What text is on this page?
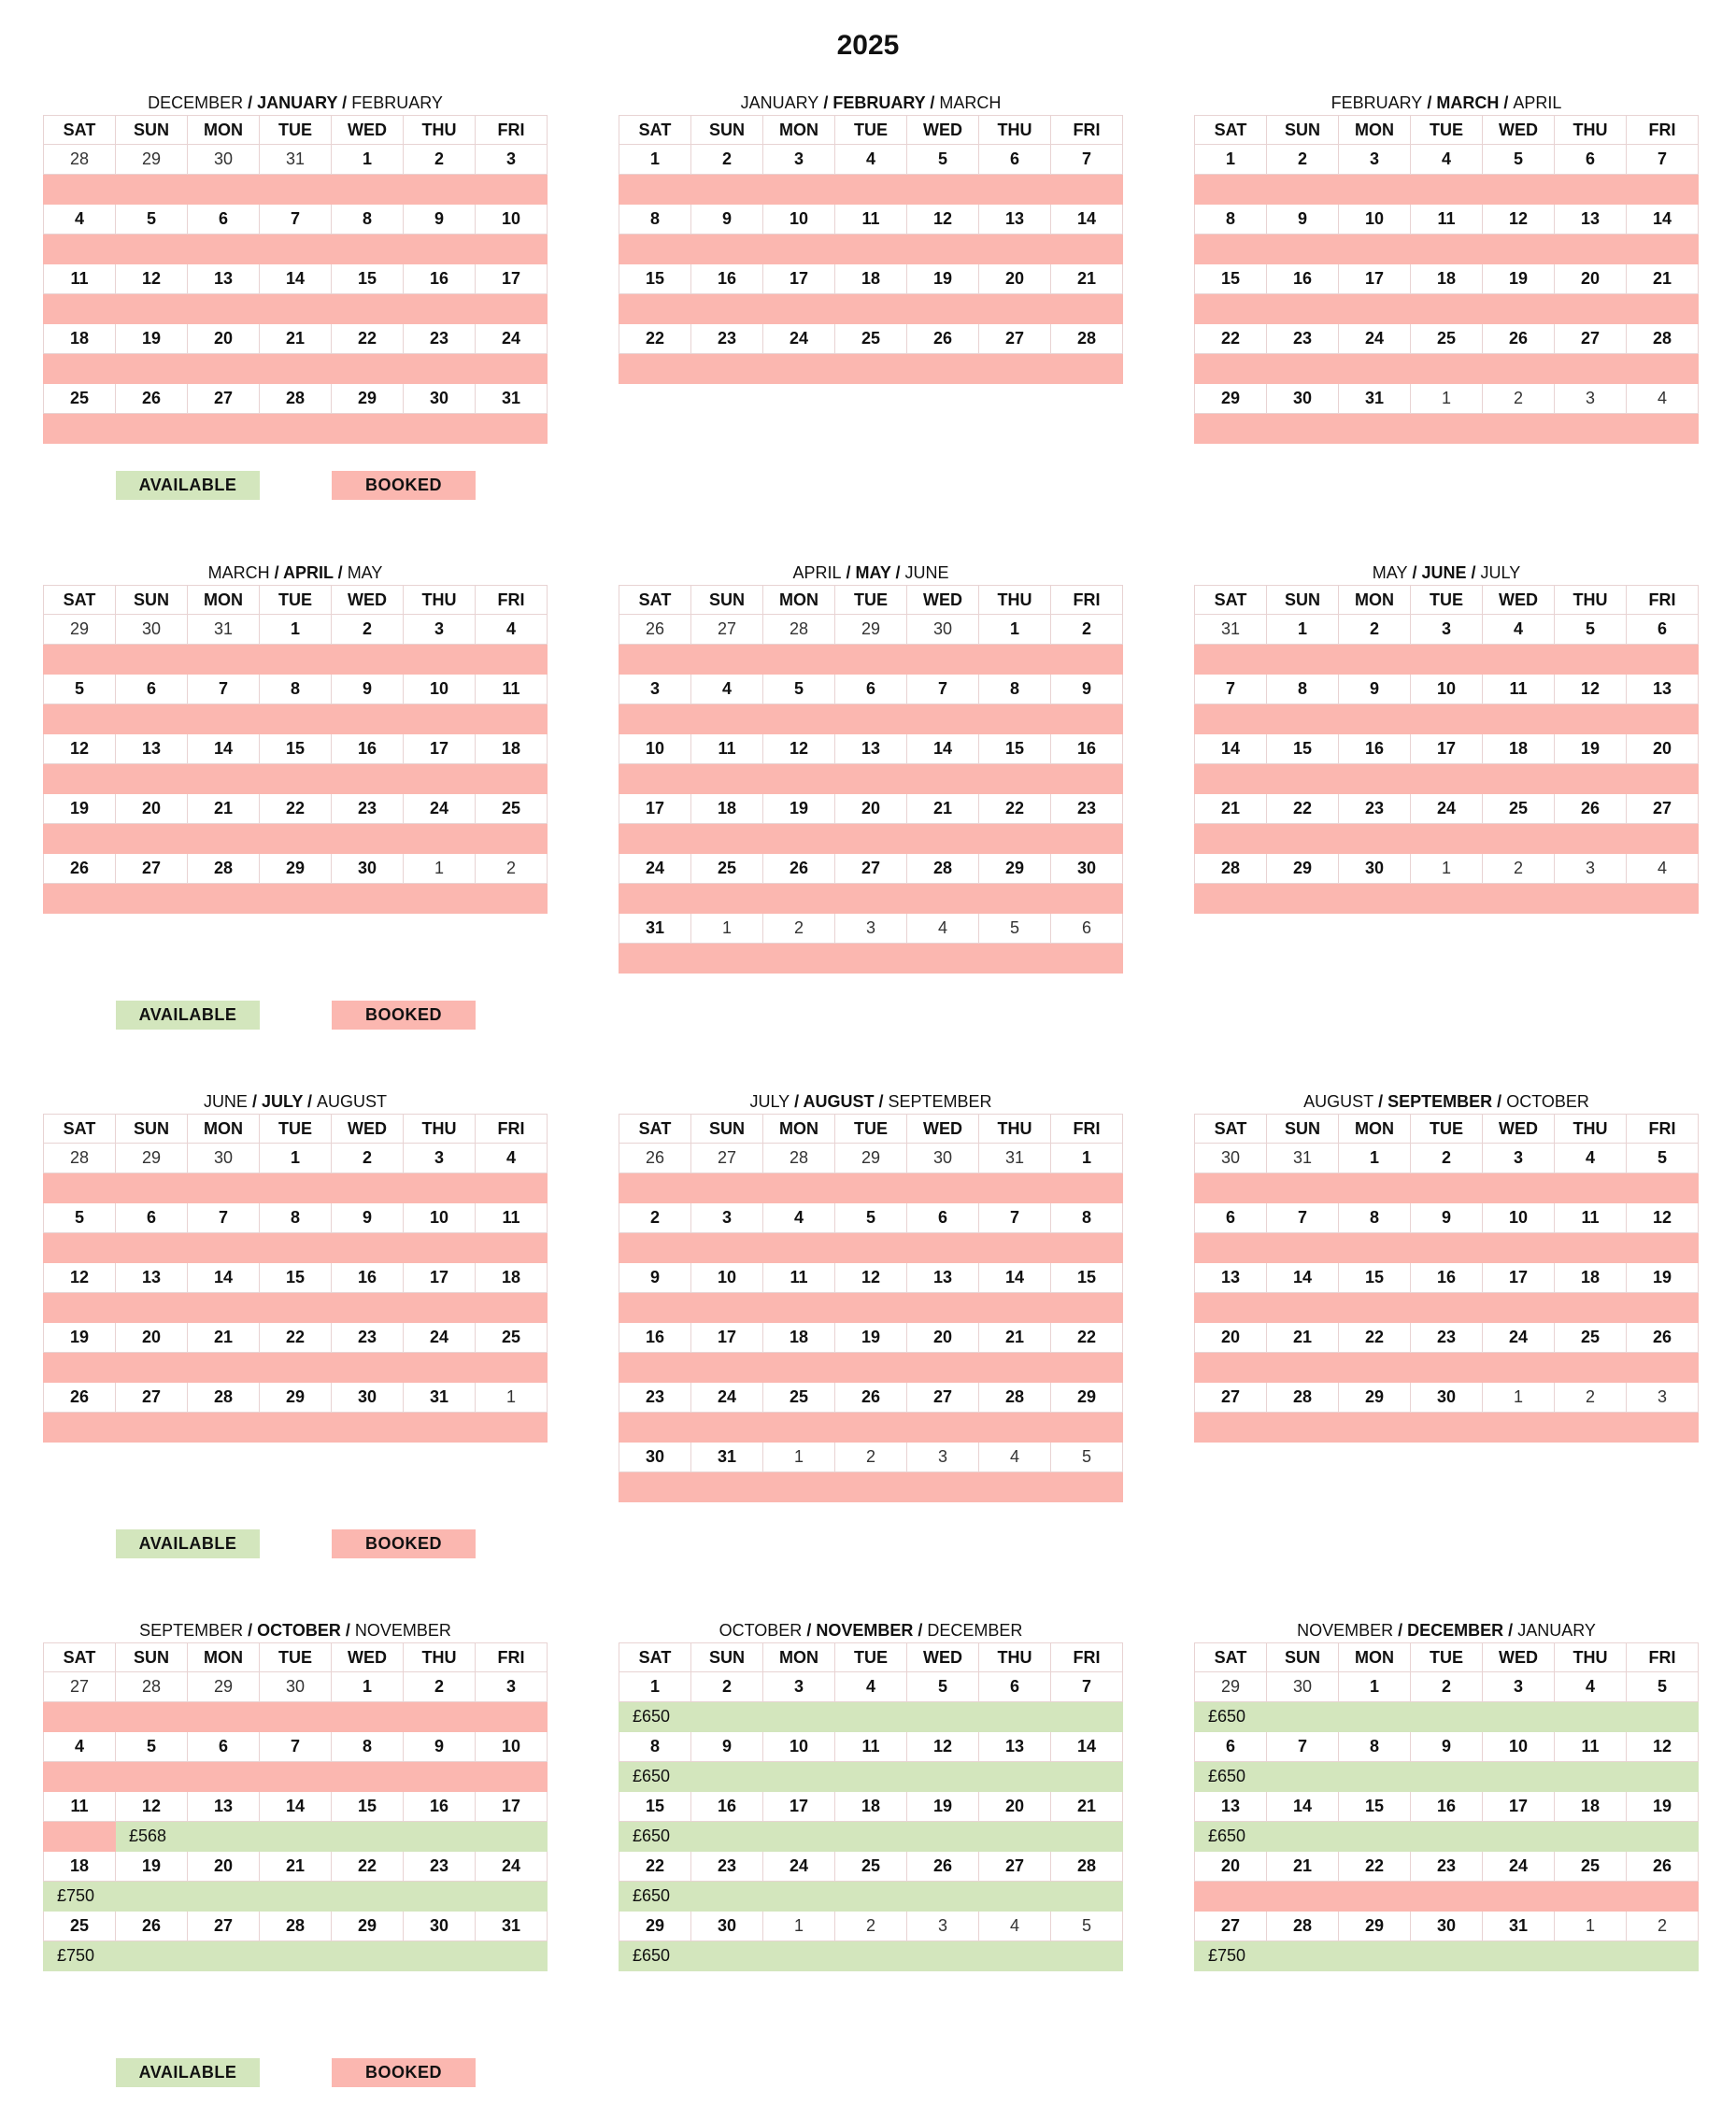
2025
DECEMBER / JANUARY / FEBRUARY
SAT	SUN	MON	TUE	WED	THU	FRI
28	29	30	31	1	2	3

4	5	6	7	8	9	10

11	12	13	14	15	16	17

18	19	20	21	22	23	24

25	26	27	28	29	30	31

JANUARY / FEBRUARY / MARCH
SAT	SUN	MON	TUE	WED	THU	FRI
1	2	3	4	5	6	7

8	9	10	11	12	13	14

15	16	17	18	19	20	21

22	23	24	25	26	27	28

FEBRUARY / MARCH / APRIL
SAT	SUN	MON	TUE	WED	THU	FRI
1	2	3	4	5	6	7

8	9	10	11	12	13	14

15	16	17	18	19	20	21

22	23	24	25	26	27	28

29	30	31	1	2	3	4

MARCH / APRIL / MAY
SAT	SUN	MON	TUE	WED	THU	FRI
29	30	31	1	2	3	4

5	6	7	8	9	10	11

12	13	14	15	16	17	18

19	20	21	22	23	24	25

26	27	28	29	30	1	2

APRIL / MAY / JUNE
SAT	SUN	MON	TUE	WED	THU	FRI
26	27	28	29	30	1	2

3	4	5	6	7	8	9

10	11	12	13	14	15	16

17	18	19	20	21	22	23

24	25	26	27	28	29	30

31	1	2	3	4	5	6

MAY / JUNE / JULY
SAT	SUN	MON	TUE	WED	THU	FRI
31	1	2	3	4	5	6

7	8	9	10	11	12	13

14	15	16	17	18	19	20

21	22	23	24	25	26	27

28	29	30	1	2	3	4

JUNE / JULY / AUGUST
SAT	SUN	MON	TUE	WED	THU	FRI
28	29	30	1	2	3	4

5	6	7	8	9	10	11

12	13	14	15	16	17	18

19	20	21	22	23	24	25

26	27	28	29	30	31	1

JULY / AUGUST / SEPTEMBER
SAT	SUN	MON	TUE	WED	THU	FRI
26	27	28	29	30	31	1

2	3	4	5	6	7	8

9	10	11	12	13	14	15

16	17	18	19	20	21	22

23	24	25	26	27	28	29

30	31	1	2	3	4	5

AUGUST / SEPTEMBER / OCTOBER
SAT	SUN	MON	TUE	WED	THU	FRI
30	31	1	2	3	4	5

6	7	8	9	10	11	12

13	14	15	16	17	18	19

20	21	22	23	24	25	26

27	28	29	30	1	2	3

SEPTEMBER / OCTOBER / NOVEMBER
SAT	SUN	MON	TUE	WED	THU	FRI
27	28	29	30	1	2	3

4	5	6	7	8	9	10

11	12	13	14	15	16	17
	£568					
18	19	20	21	22	23	24
£750						
25	26	27	28	29	30	31
£750						
OCTOBER / NOVEMBER / DECEMBER
SAT	SUN	MON	TUE	WED	THU	FRI
1	2	3	4	5	6	7
£650						
8	9	10	11	12	13	14
£650						
15	16	17	18	19	20	21
£650						
22	23	24	25	26	27	28
£650						
29	30	1	2	3	4	5
£650						
NOVEMBER / DECEMBER / JANUARY
SAT	SUN	MON	TUE	WED	THU	FRI
29	30	1	2	3	4	5
£650						
6	7	8	9	10	11	12
£650						
13	14	15	16	17	18	19
£650						
20	21	22	23	24	25	26

27	28	29	30	31	1	2
£750						
AVAILABLE	BOOKED
AVAILABLE	BOOKED
AVAILABLE	BOOKED
AVAILABLE	BOOKED
